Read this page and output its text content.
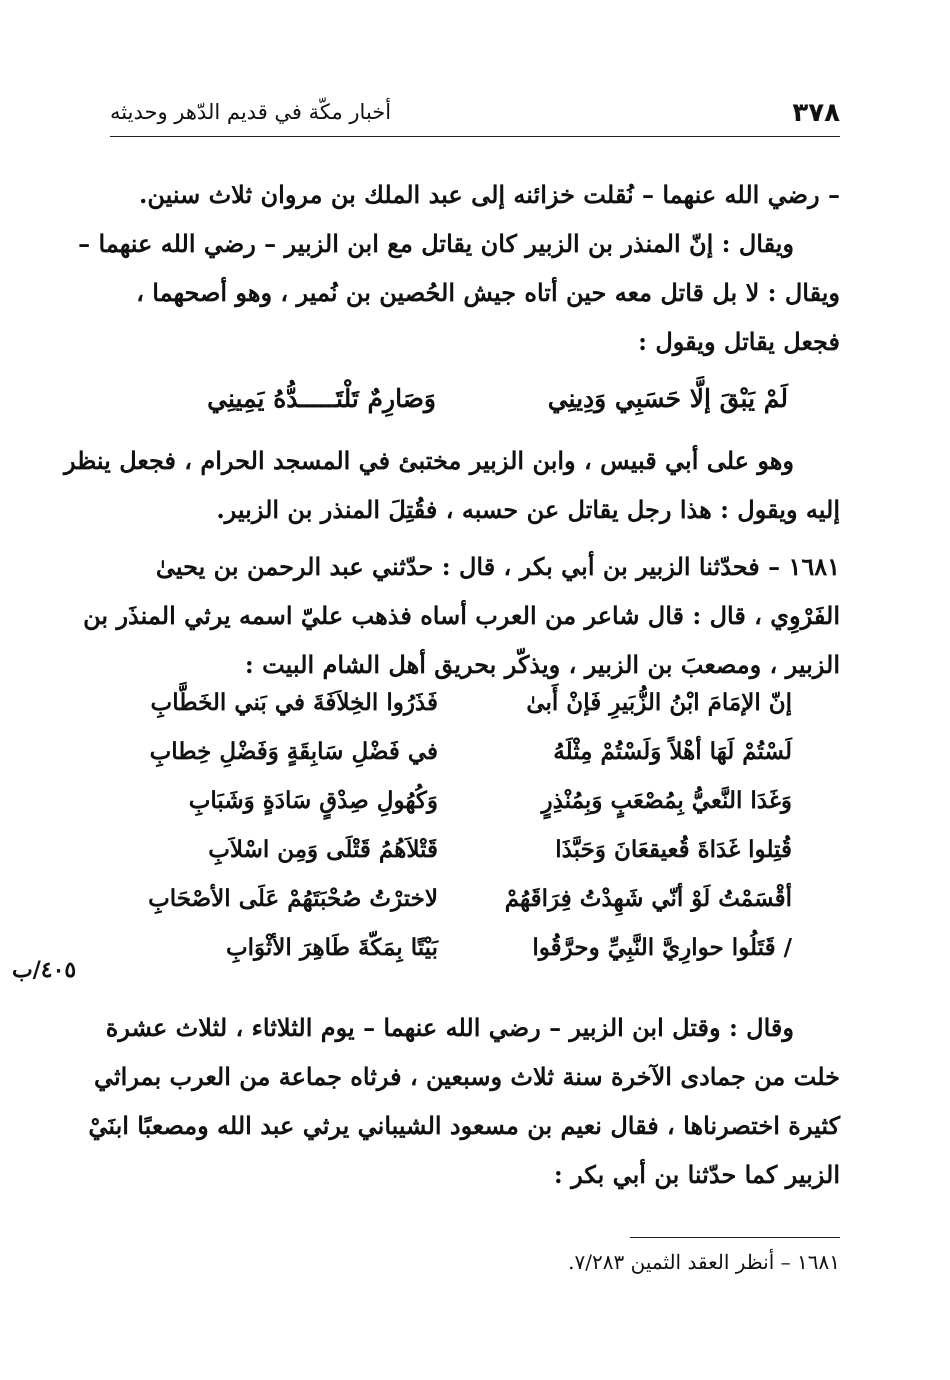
٣٧٨
أخبار مكّة في قديم الدّهر وحديثه

– رضي الله عنهما – نُقلت خزائنه إلى عبد الملك بن مروان ثلاث سنين.

ويقال : إنّ المنذر بن الزبير كان يقاتل مع ابن الزبير – رضي الله عنهما –
ويقال : لا بل قاتل معه حين أتاه جيش الحُصين بن نُمير ، وهو أصحهما ،
فجعل يقاتل ويقول :

لَمْ يَبْقَ إلَّا حَسَبِي وَدِينِي
وَصَارِمٌ تَلْتَـــــدُّهُ يَمِينِي

وهو على أبي قبيس ، وابن الزبير مختبئ في المسجد الحرام ، فجعل ينظر
إليه ويقول : هذا رجل يقاتل عن حسبه ، فقُتِلَ المنذر بن الزبير.

١٦٨١ – فحدّثنا الزبير بن أبي بكر ، قال : حدّثني عبد الرحمن بن يحيىٰ
الفَرْوِي ، قال : قال شاعر من العرب أساه فذهب عليّ اسمه يرثي المنذَر بن
الزبير ، ومصعبَ بن الزبير ، ويذكّر بحريق أهل الشام البيت :

إنّ الإمَامَ ابْنُ الزُّبَيرِ فَإنْ أَبىٰ
فَذَرُوا الخِلاَفَةَ في بَني الخَطَّابِ
لَسْتُمْ لَهَا أهْلاً وَلَسْتُمْ مِثْلَهُ
في فَضْلِ سَابِقَةٍ وَفَضْلِ خِطابِ
وَغَدَا النَّعيُّ بِمُصْعَبٍ وَبِمُنْذِرٍ
وَكُهُولِ صِدْقٍ سَادَةٍ وَشَبَابِ
قُتِلوا غَدَاةَ قُعيقعَانَ وَحَبَّذَا
قَتْلاَهُمُ قَتْلَى وَمِن اسْلاَبِ
أقْسَمْتُ لَوْ أنّي شَهِدْتُ فِرَاقَهُمْ
لاخترْتُ صُحْبَتَهُمْ عَلَى الأصْحَابِ
/ قَتَلُوا حوارِيَّ النَّبِيِّ وحرَّقُوا
بَيْتًا بِمَكّةَ طَاهِرَ الأثْوَابِ

وقال : وقتل ابن الزبير – رضي الله عنهما – يوم الثلاثاء ، لثلاث عشرة
خلت من جمادى الآخرة سنة ثلاث وسبعين ، فرثاه جماعة من العرب بمراثي
كثيرة اختصرناها ، فقال نعيم بن مسعود الشيباني يرثي عبد الله ومصعبًا ابنَيْ
الزبير كما حدّثنا بن أبي بكر :

٤٠٥/ب
١٦٨١ – أنظر العقد الثمين ٧/٢٨٣.
